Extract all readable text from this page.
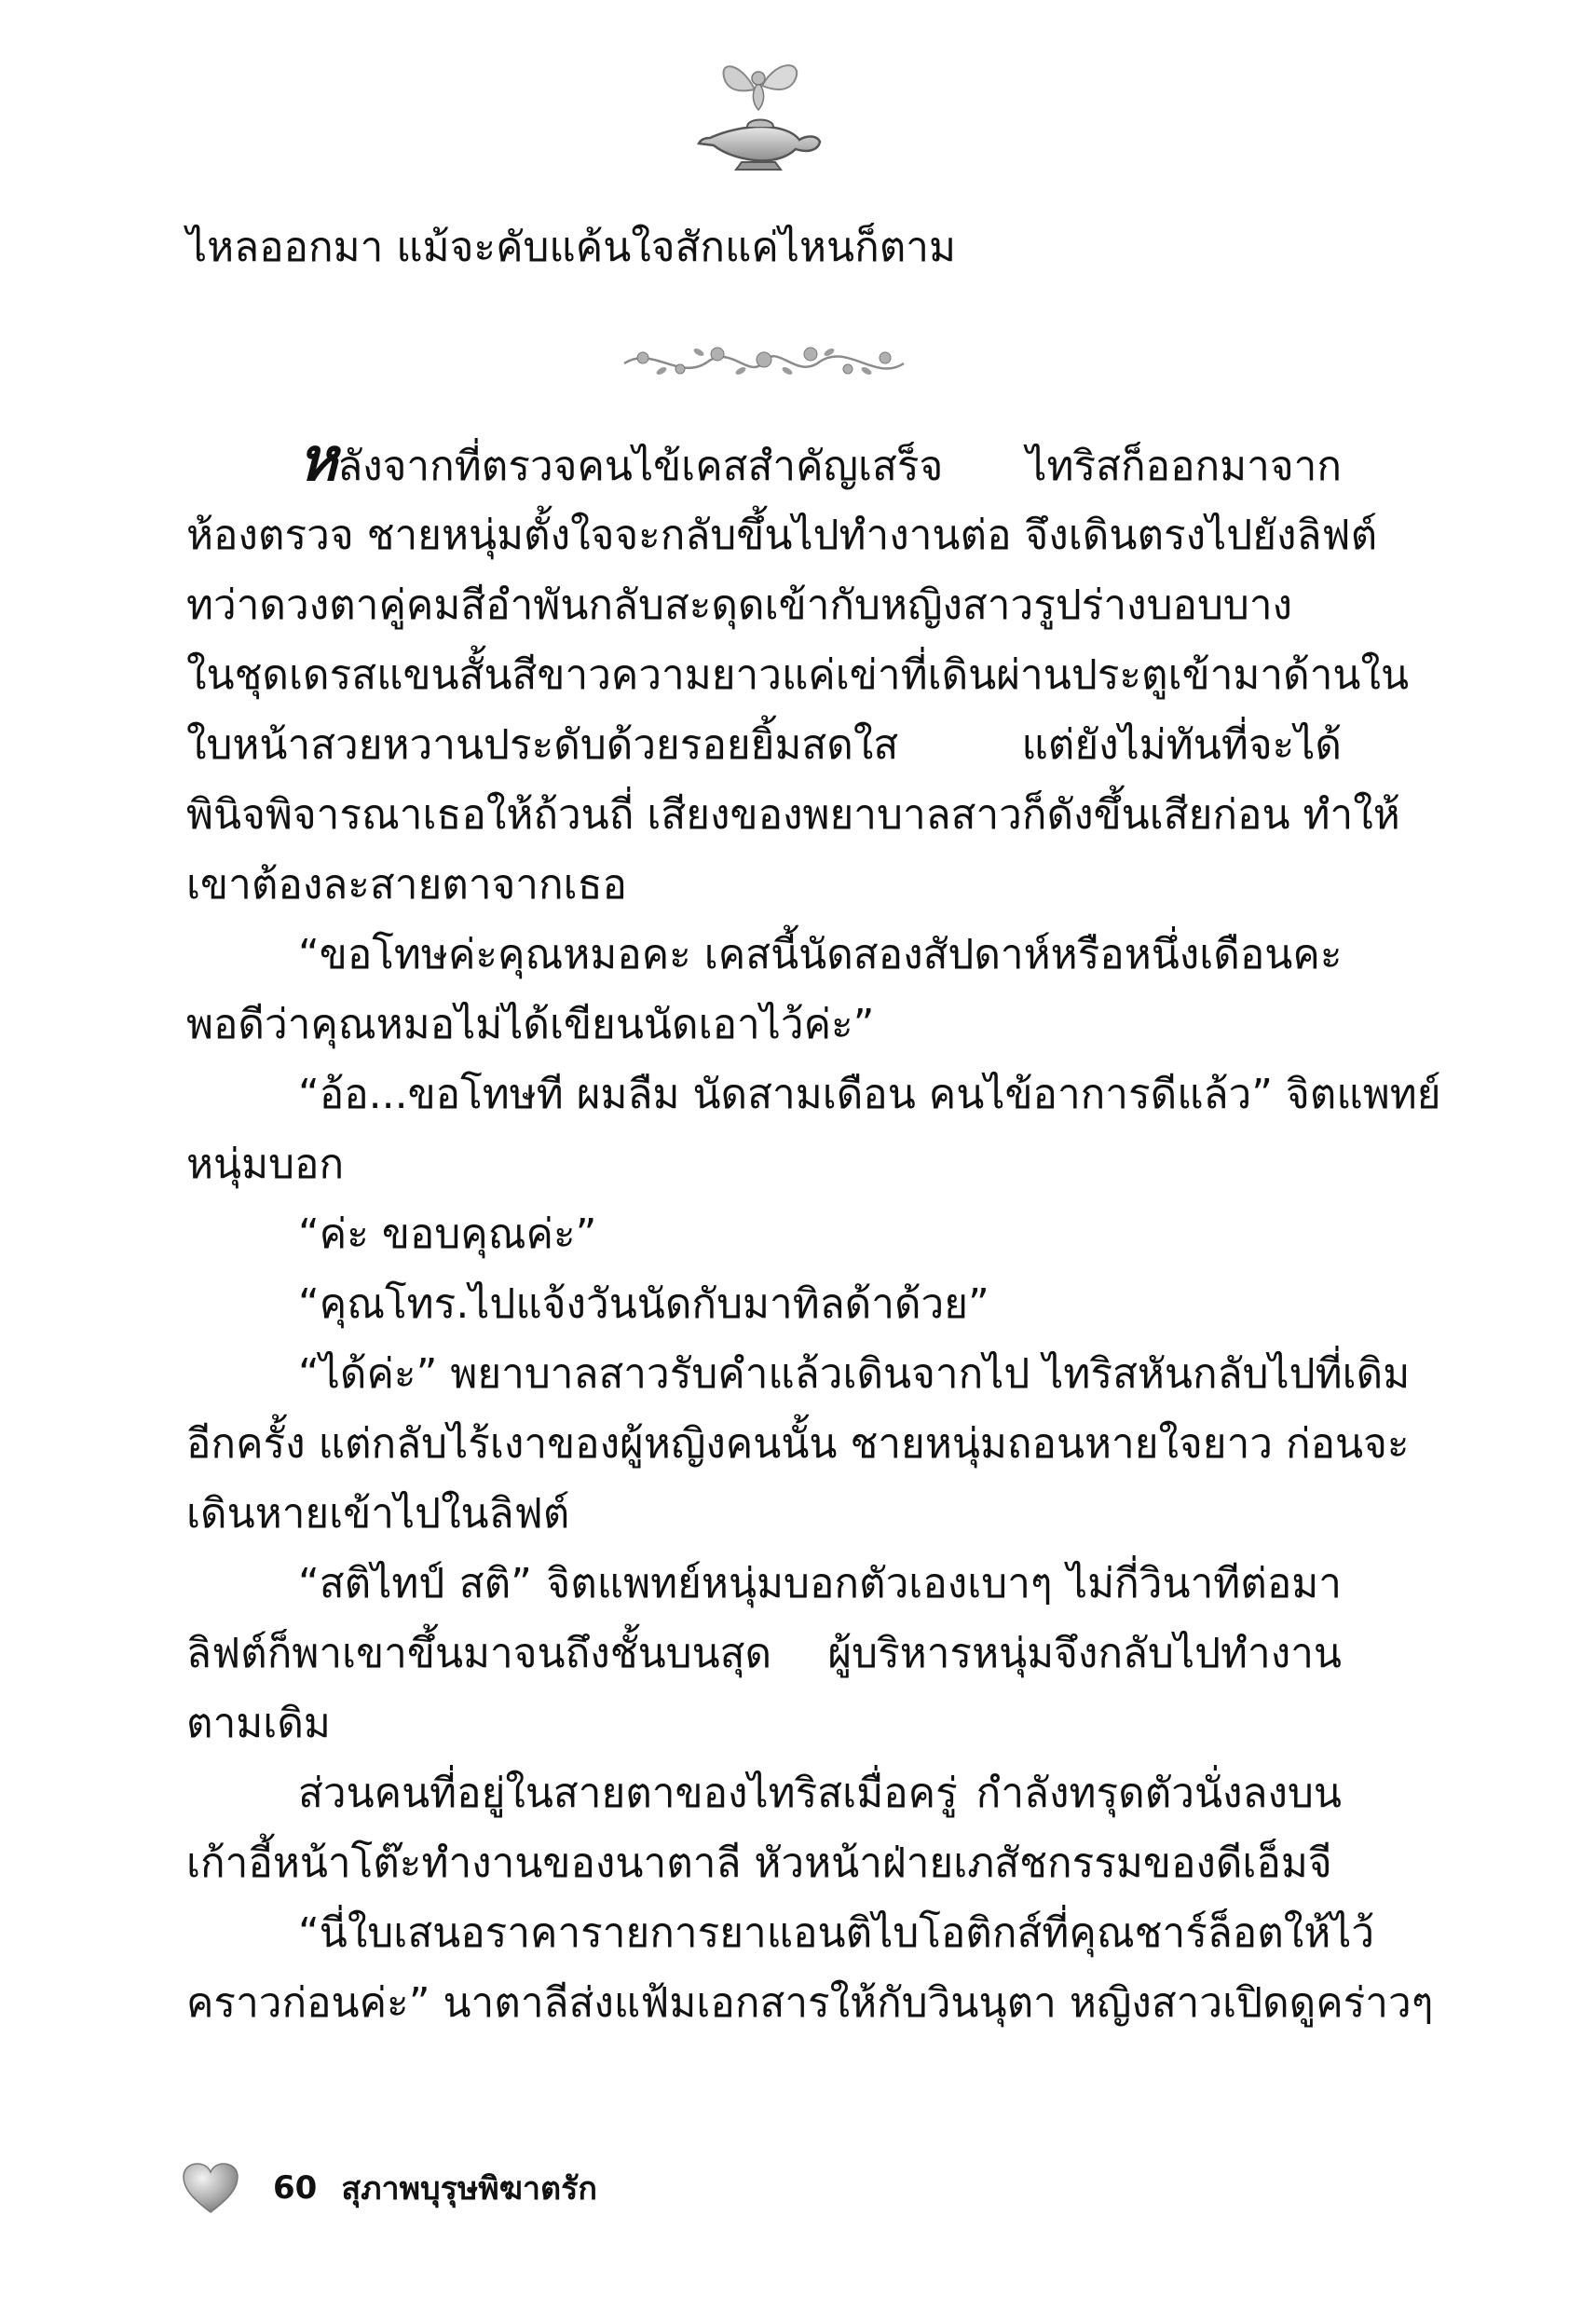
ไหลออกมา แม้จะคับแค้นใจสักแค่ไหนก็ตาม
หลังจากที่ตรวจคนไข้เคสสำคัญเสร็จ ไทริสก็ออกมาจาก
ห้องตรวจ ชายหนุ่มตั้งใจจะกลับขึ้นไปทำงานต่อ จึงเดินตรงไปยังลิฟต์
ทว่าดวงตาคู่คมสีอำพันกลับสะดุดเข้ากับหญิงสาวรูปร่างบอบบาง
ในชุดเดรสแขนสั้นสีขาวความยาวแค่เข่าที่เดินผ่านประตูเข้ามาด้านใน
ใบหน้าสวยหวานประดับด้วยรอยยิ้มสดใส แต่ยังไม่ทันที่จะได้
พินิจพิจารณาเธอให้ถ้วนถี่ เสียงของพยาบาลสาวก็ดังขึ้นเสียก่อน ทำให้
เขาต้องละสายตาจากเธอ
“ขอโทษค่ะคุณหมอคะ เคสนี้นัดสองสัปดาห์หรือหนึ่งเดือนคะ
พอดีว่าคุณหมอไม่ได้เขียนนัดเอาไว้ค่ะ”
“อ้อ...ขอโทษที ผมลืม นัดสามเดือน คนไข้อาการดีแล้ว” จิตแพทย์
หนุ่มบอก
“ค่ะ ขอบคุณค่ะ”
“คุณโทร.ไปแจ้งวันนัดกับมาทิลด้าด้วย”
“ได้ค่ะ” พยาบาลสาวรับคำแล้วเดินจากไป ไทริสหันกลับไปที่เดิม
อีกครั้ง แต่กลับไร้เงาของผู้หญิงคนนั้น ชายหนุ่มถอนหายใจยาว ก่อนจะ
เดินหายเข้าไปในลิฟต์
“สติไทป์ สติ” จิตแพทย์หนุ่มบอกตัวเองเบาๆ ไม่กี่วินาทีต่อมา
ลิฟต์ก็พาเขาขึ้นมาจนถึงชั้นบนสุด ผู้บริหารหนุ่มจึงกลับไปทำงาน
ตามเดิม
ส่วนคนที่อยู่ในสายตาของไทริสเมื่อครู่ กำลังทรุดตัวนั่งลงบน
เก้าอี้หน้าโต๊ะทำงานของนาตาลี หัวหน้าฝ่ายเภสัชกรรมของดีเอ็มจี
“นี่ใบเสนอราคารายการยาแอนติไบโอติกส์ที่คุณชาร์ล็อตให้ไว้
คราวก่อนค่ะ” นาตาลีส่งแฟ้มเอกสารให้กับวินนุตา หญิงสาวเปิดดูคร่าวๆ
60 สุภาพบุรุษพิฆาตรัก
